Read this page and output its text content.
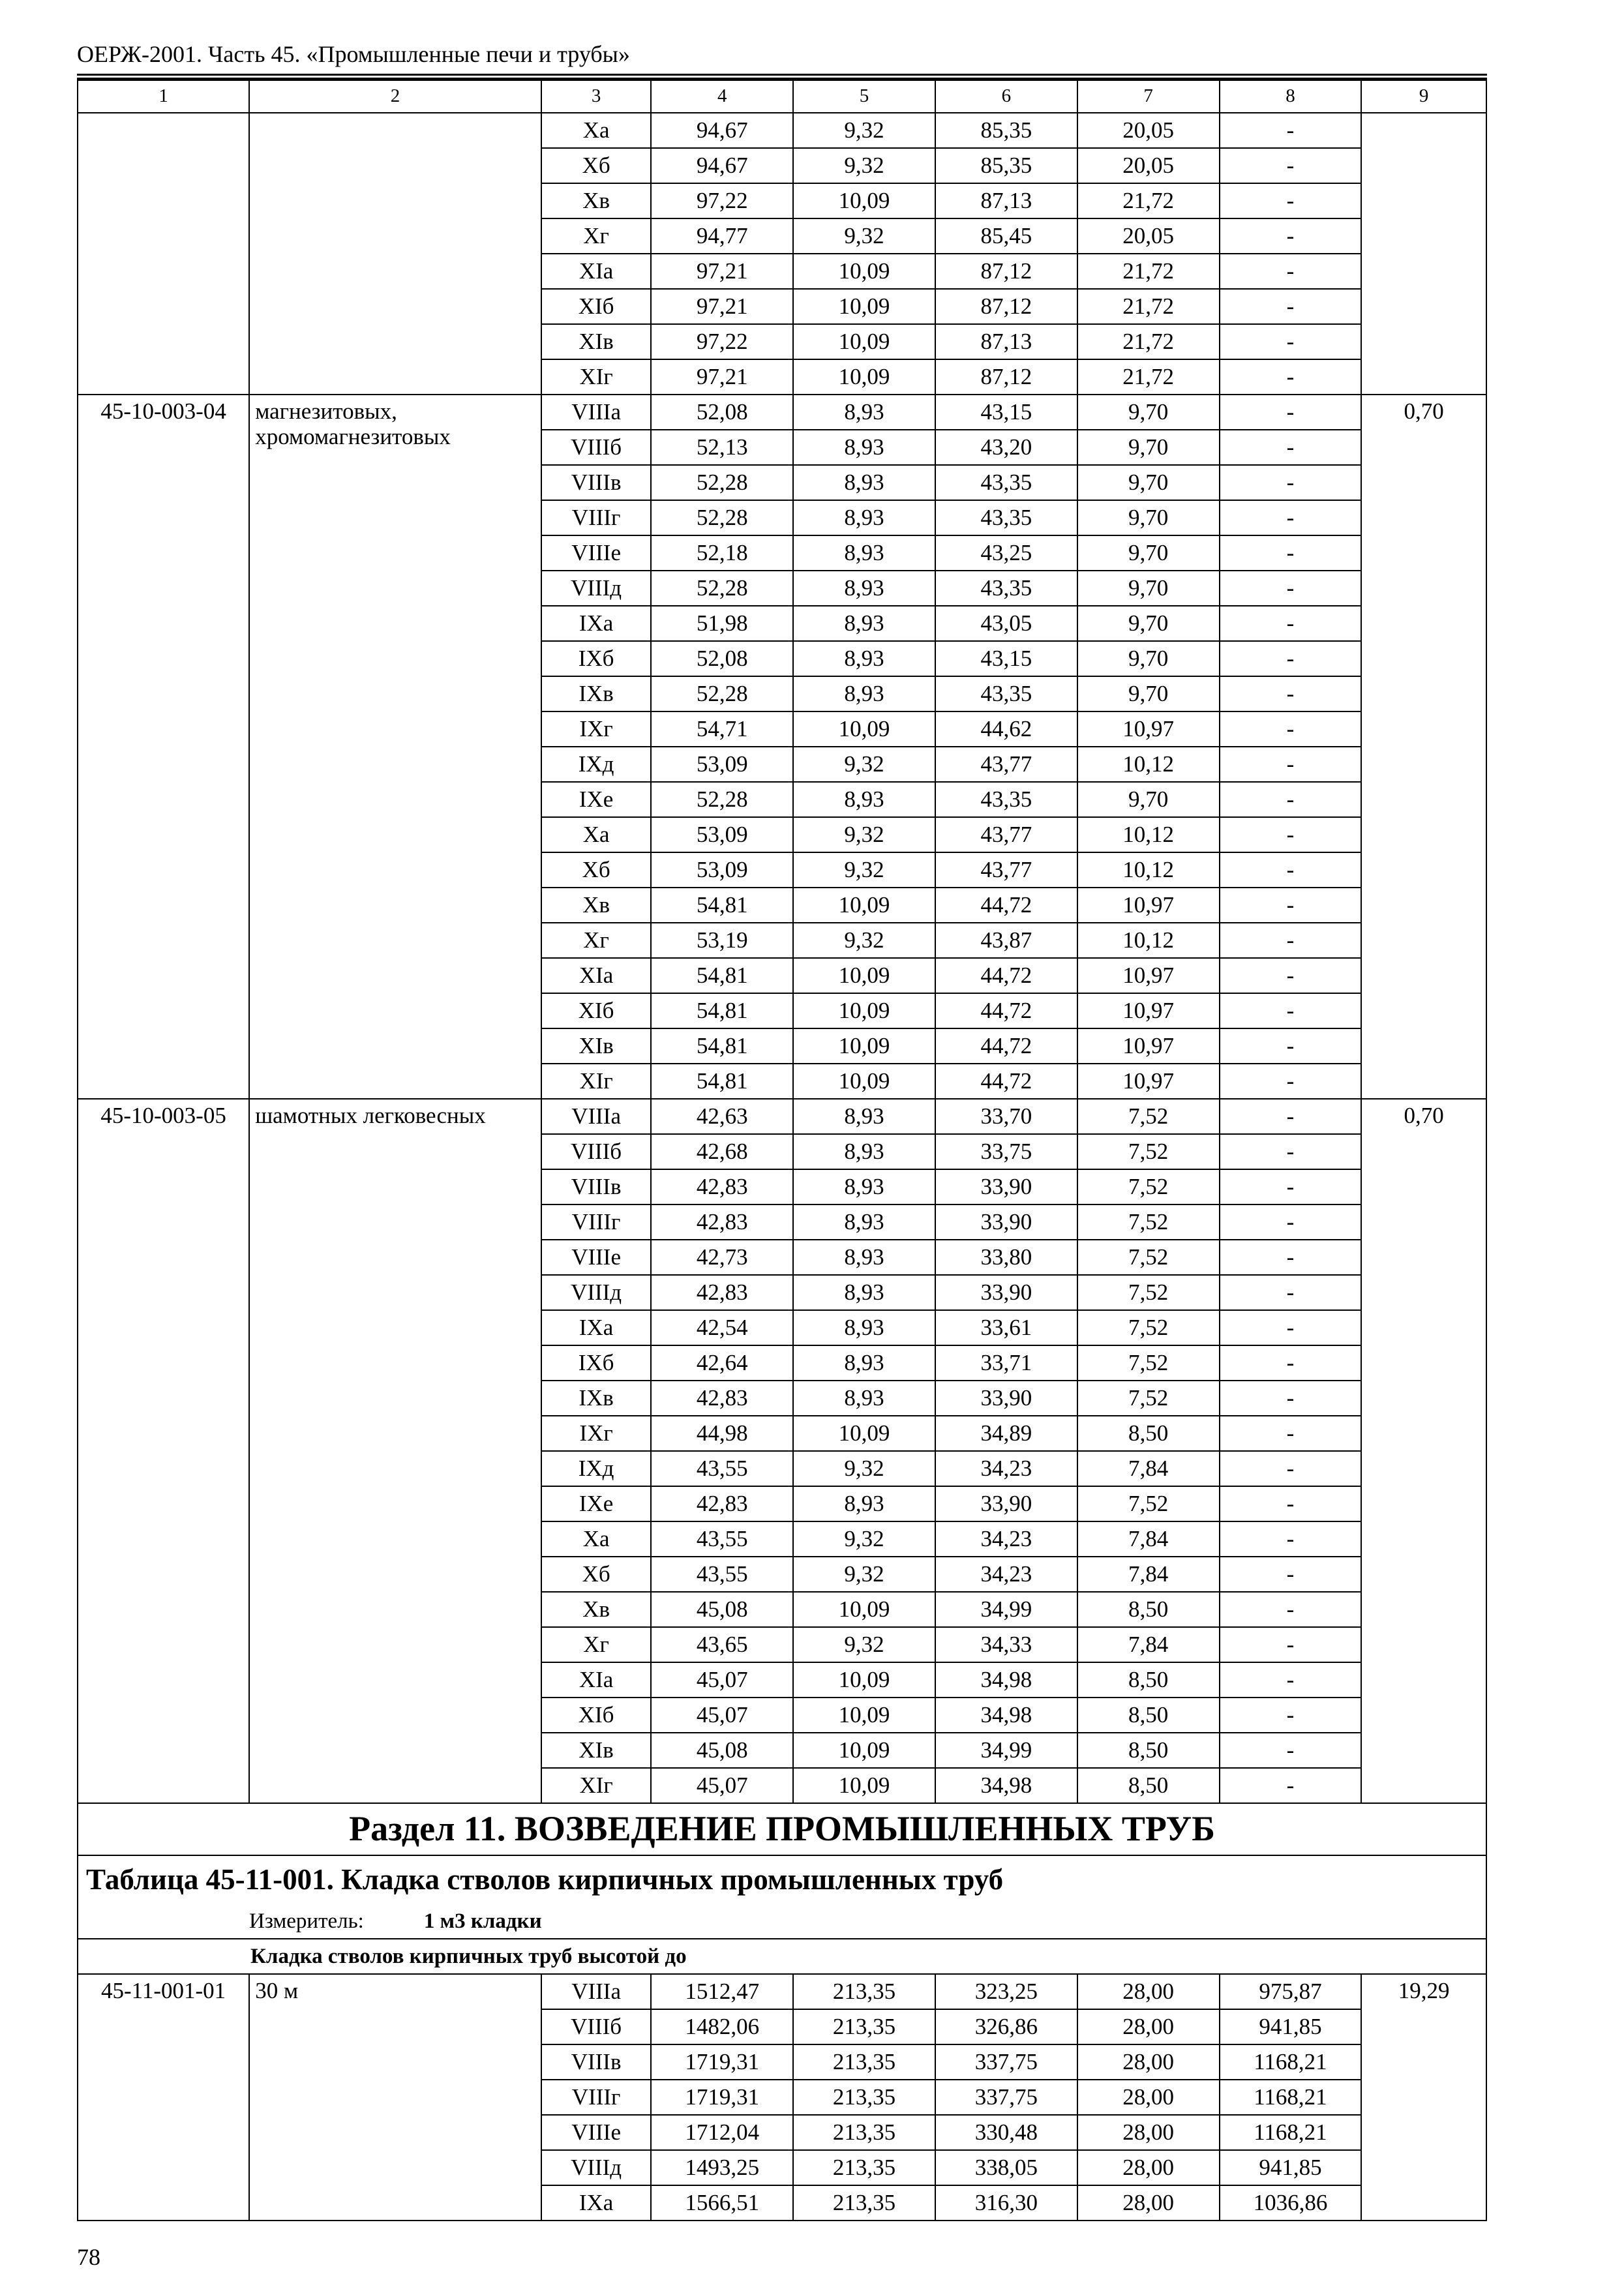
ОЕРЖ-2001. Часть 45. «Промышленные печи и трубы»
1	2	3	4	5	6	7	8	9
		Xa	94,67	9,32	85,35	20,05	-	
		Xб	94,67	9,32	85,35	20,05	-	
		Xв	97,22	10,09	87,13	21,72	-	
		Xг	94,77	9,32	85,45	20,05	-	
		XIa	97,21	10,09	87,12	21,72	-	
		XIб	97,21	10,09	87,12	21,72	-	
		XIв	97,22	10,09	87,13	21,72	-	
		XIг	97,21	10,09	87,12	21,72	-	
45-10-003-04	магнезитовых, хромомагнезитовых	VIIIa	52,08	8,93	43,15	9,70	-	0,70
		VIIIб	52,13	8,93	43,20	9,70	-	
		VIIIв	52,28	8,93	43,35	9,70	-	
		VIIIг	52,28	8,93	43,35	9,70	-	
		VIIIе	52,18	8,93	43,25	9,70	-	
		VIIIд	52,28	8,93	43,35	9,70	-	
		IXa	51,98	8,93	43,05	9,70	-	
		IXб	52,08	8,93	43,15	9,70	-	
		IXв	52,28	8,93	43,35	9,70	-	
		IXг	54,71	10,09	44,62	10,97	-	
		IXд	53,09	9,32	43,77	10,12	-	
		IXе	52,28	8,93	43,35	9,70	-	
		Xa	53,09	9,32	43,77	10,12	-	
		Xб	53,09	9,32	43,77	10,12	-	
		Xв	54,81	10,09	44,72	10,97	-	
		Xг	53,19	9,32	43,87	10,12	-	
		XIa	54,81	10,09	44,72	10,97	-	
		XIб	54,81	10,09	44,72	10,97	-	
		XIв	54,81	10,09	44,72	10,97	-	
		XIг	54,81	10,09	44,72	10,97	-	
45-10-003-05	шамотных легковесных	VIIIa	42,63	8,93	33,70	7,52	-	0,70
		VIIIб	42,68	8,93	33,75	7,52	-	
		VIIIв	42,83	8,93	33,90	7,52	-	
		VIIIг	42,83	8,93	33,90	7,52	-	
		VIIIе	42,73	8,93	33,80	7,52	-	
		VIIIд	42,83	8,93	33,90	7,52	-	
		IXa	42,54	8,93	33,61	7,52	-	
		IXб	42,64	8,93	33,71	7,52	-	
		IXв	42,83	8,93	33,90	7,52	-	
		IXг	44,98	10,09	34,89	8,50	-	
		IXд	43,55	9,32	34,23	7,84	-	
		IXе	42,83	8,93	33,90	7,52	-	
		Xa	43,55	9,32	34,23	7,84	-	
		Xб	43,55	9,32	34,23	7,84	-	
		Xв	45,08	10,09	34,99	8,50	-	
		Xг	43,65	9,32	34,33	7,84	-	
		XIa	45,07	10,09	34,98	8,50	-	
		XIб	45,07	10,09	34,98	8,50	-	
		XIв	45,08	10,09	34,99	8,50	-	
		XIг	45,07	10,09	34,98	8,50	-	
Раздел 11. ВОЗВЕДЕНИЕ ПРОМЫШЛЕННЫХ ТРУБ								
Таблица 45-11-001. Кладка стволов кирпичных промышленных труб								
Измеритель: 1 м3 кладки								
Кладка стволов кирпичных труб высотой до								
45-11-001-01	30 м	VIIIa	1512,47	213,35	323,25	28,00	975,87	19,29
		VIIIб	1482,06	213,35	326,86	28,00	941,85	
		VIIIв	1719,31	213,35	337,75	28,00	1168,21	
		VIIIг	1719,31	213,35	337,75	28,00	1168,21	
		VIIIе	1712,04	213,35	330,48	28,00	1168,21	
		VIIIд	1493,25	213,35	338,05	28,00	941,85	
		IXa	1566,51	213,35	316,30	28,00	1036,86	
78
